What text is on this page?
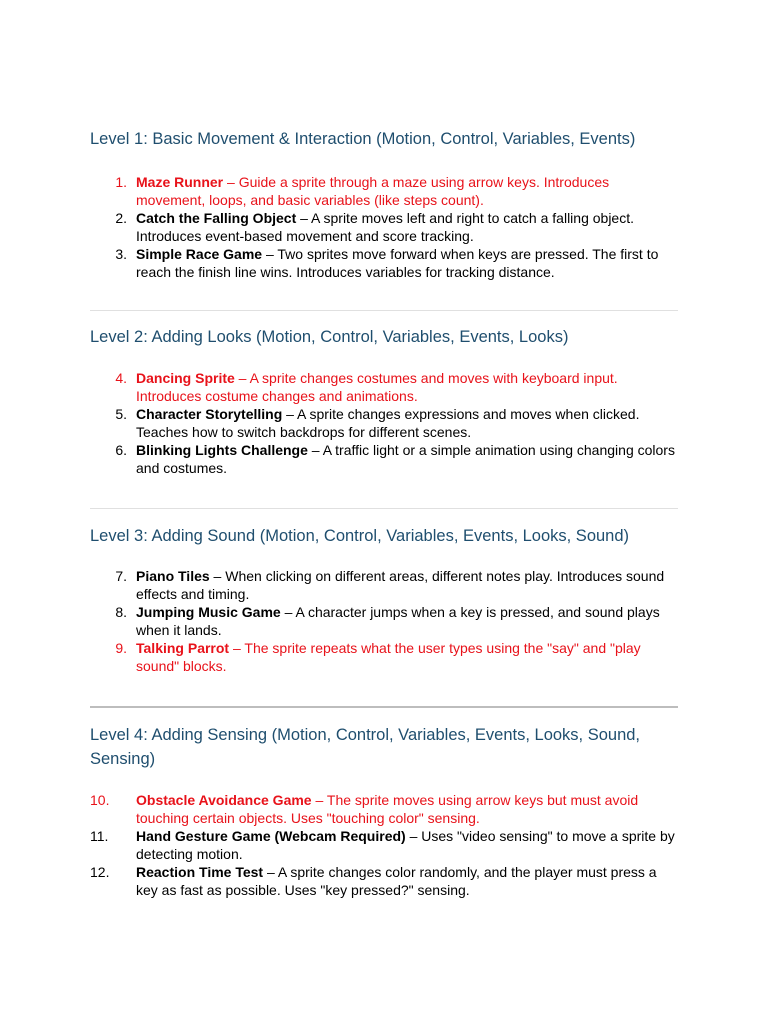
Level 1: Basic Movement & Interaction (Motion, Control, Variables, Events)
1. Maze Runner – Guide a sprite through a maze using arrow keys. Introduces movement, loops, and basic variables (like steps count).
2. Catch the Falling Object – A sprite moves left and right to catch a falling object. Introduces event-based movement and score tracking.
3. Simple Race Game – Two sprites move forward when keys are pressed. The first to reach the finish line wins. Introduces variables for tracking distance.
Level 2: Adding Looks (Motion, Control, Variables, Events, Looks)
4. Dancing Sprite – A sprite changes costumes and moves with keyboard input. Introduces costume changes and animations.
5. Character Storytelling – A sprite changes expressions and moves when clicked. Teaches how to switch backdrops for different scenes.
6. Blinking Lights Challenge – A traffic light or a simple animation using changing colors and costumes.
Level 3: Adding Sound (Motion, Control, Variables, Events, Looks, Sound)
7. Piano Tiles – When clicking on different areas, different notes play. Introduces sound effects and timing.
8. Jumping Music Game – A character jumps when a key is pressed, and sound plays when it lands.
9. Talking Parrot – The sprite repeats what the user types using the "say" and "play sound" blocks.
Level 4: Adding Sensing (Motion, Control, Variables, Events, Looks, Sound, Sensing)
10.	Obstacle Avoidance Game – The sprite moves using arrow keys but must avoid touching certain objects. Uses "touching color" sensing.
11.	Hand Gesture Game (Webcam Required) – Uses "video sensing" to move a sprite by detecting motion.
12.	Reaction Time Test – A sprite changes color randomly, and the player must press a key as fast as possible. Uses "key pressed?" sensing.
